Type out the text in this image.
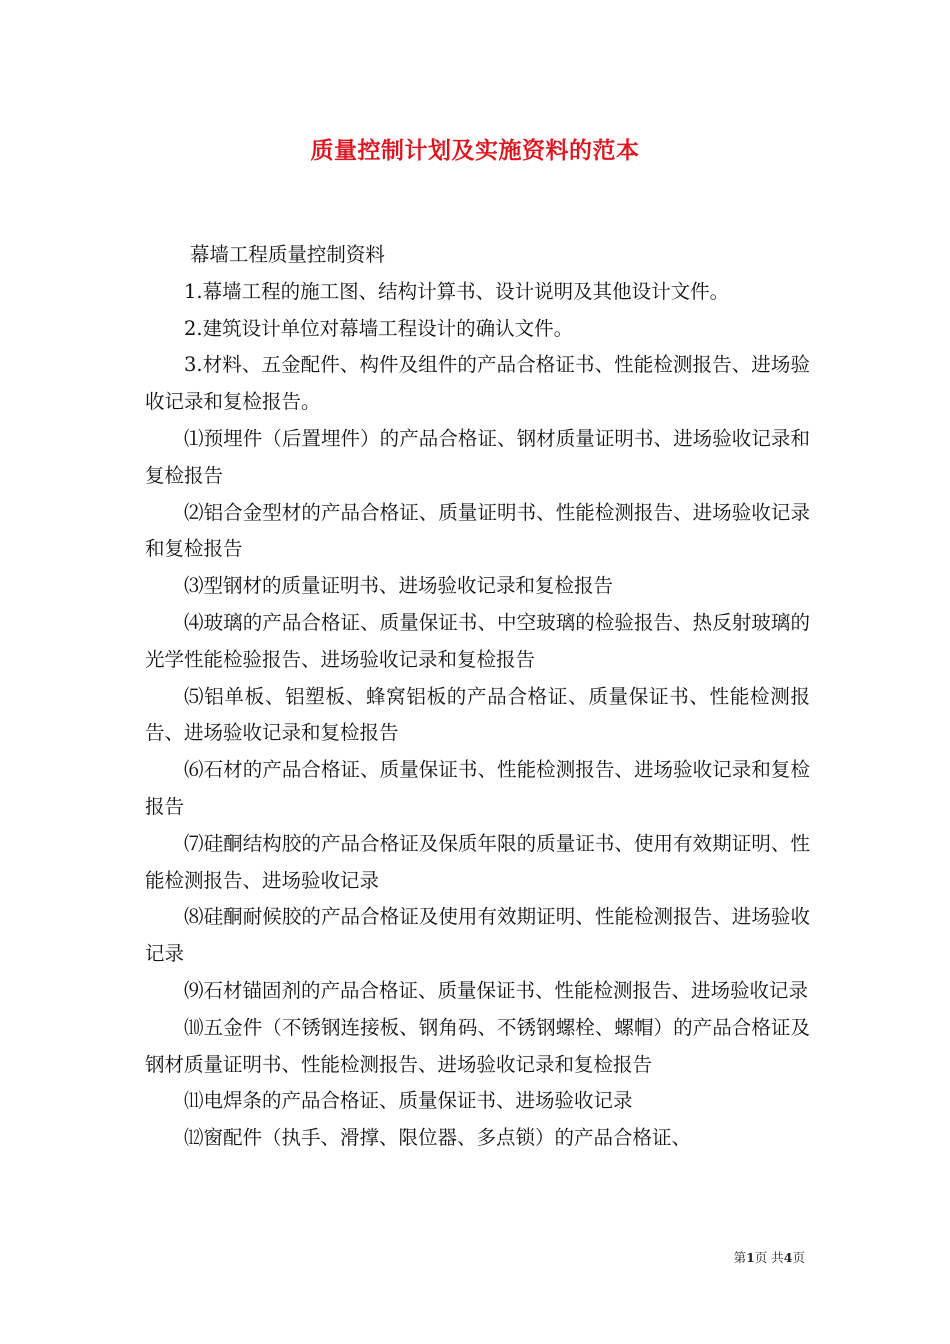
质量控制计划及实施资料的范本

幕墙工程质量控制资料

1.幕墙工程的施工图、结构计算书、设计说明及其他设计文件。

2.建筑设计单位对幕墙工程设计的确认文件。

3.材料、五金配件、构件及组件的产品合格证书、性能检测报告、进场验收记录和复检报告。

⑴预埋件（后置埋件）的产品合格证、钢材质量证明书、进场验收记录和复检报告

⑵铝合金型材的产品合格证、质量证明书、性能检测报告、进场验收记录和复检报告

⑶型钢材的质量证明书、进场验收记录和复检报告

⑷玻璃的产品合格证、质量保证书、中空玻璃的检验报告、热反射玻璃的光学性能检验报告、进场验收记录和复检报告

⑸铝单板、铝塑板、蜂窝铝板的产品合格证、质量保证书、性能检测报告、进场验收记录和复检报告

⑹石材的产品合格证、质量保证书、性能检测报告、进场验收记录和复检报告

⑺硅酮结构胶的产品合格证及保质年限的质量证书、使用有效期证明、性能检测报告、进场验收记录

⑻硅酮耐候胶的产品合格证及使用有效期证明、性能检测报告、进场验收记录

⑼石材锚固剂的产品合格证、质量保证书、性能检测报告、进场验收记录

⑽五金件（不锈钢连接板、钢角码、不锈钢螺栓、螺帽）的产品合格证及钢材质量证明书、性能检测报告、进场验收记录和复检报告

⑾电焊条的产品合格证、质量保证书、进场验收记录

⑿窗配件（执手、滑撑、限位器、多点锁）的产品合格证、

第1页 共4页
